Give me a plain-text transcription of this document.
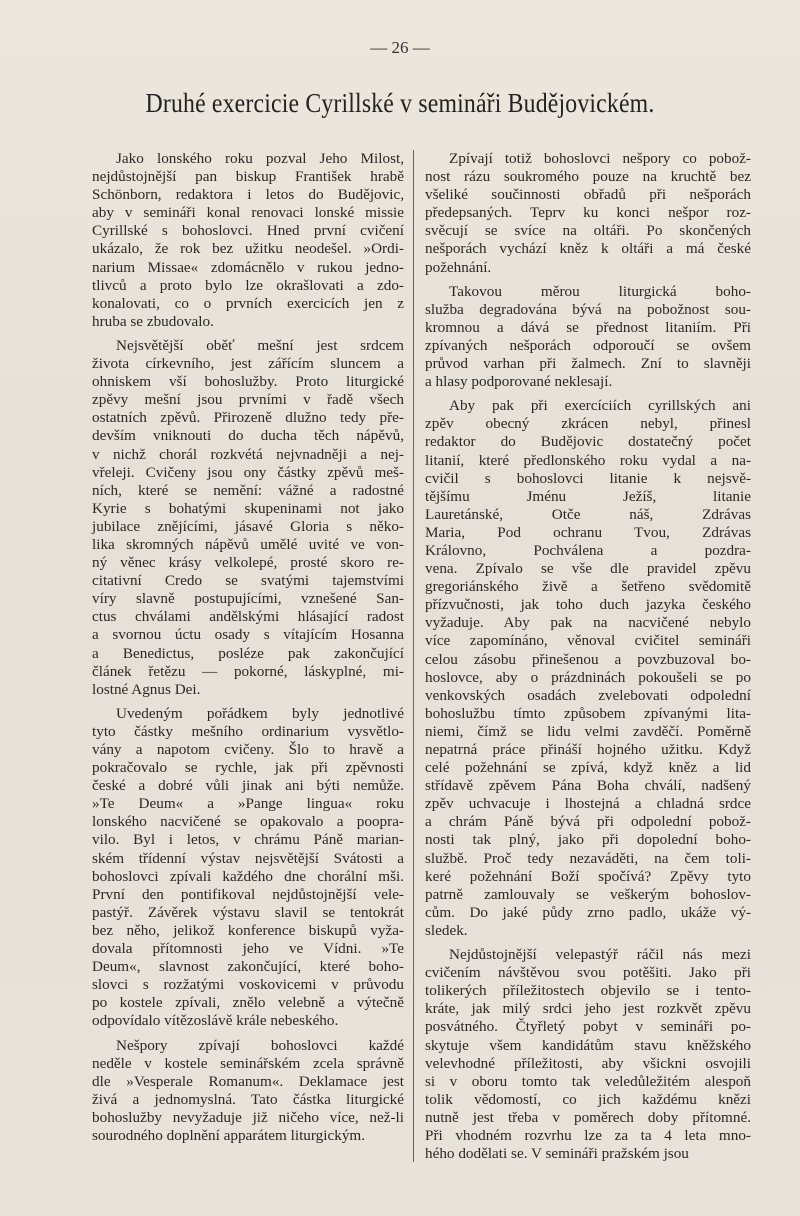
— 26 —
Druhé exercicie Cyrillské v semináři Budějovickém.
Jako lonského roku pozval Jeho Milost,
nejdůstojnější pan biskup František hrabě
Schönborn, redaktora i letos do Budějovic,
aby v semináři konal renovaci lonské missie
Cyrillské s bohoslovci. Hned první cvičení
ukázalo, že rok bez užitku neodešel. »Ordi-
narium Missae« zdomácnělo v rukou jedno-
tlivců a proto bylo lze okrašlovati a zdo-
konalovati, co o prvních exercicích jen z
hruba se zbudovalo.
Nejsvětější oběť mešní jest srdcem
života církevního, jest zářícím sluncem a
ohniskem vší bohoslužby. Proto liturgické
zpěvy mešní jsou prvními v řadě všech
ostatních zpěvů. Přirozeně dlužno tedy pře-
devším vniknouti do ducha těch nápěvů,
v nichž chorál rozkvétá nejvnadněji a nej-
vřeleji. Cvičeny jsou ony částky zpěvů meš-
ních, které se nemění: vážné a radostné
Kyrie s bohatými skupeninami not jako
jubilace znějícími, jásavé Gloria s něko-
lika skromných nápěvů umělé uvité ve von-
ný věnec krásy velkolepé, prosté skoro re-
citativní Credo se svatými tajemstvími
víry slavně postupujícími, vznešené San-
ctus chválami andělskými hlásající radost
a svornou úctu osady s vítajícím Hosanna
a Benedictus, posléze pak zakončující
článek řetězu — pokorné, láskyplné, mi-
lostné Agnus Dei.
Uvedeným pořádkem byly jednotlivé
tyto částky mešního ordinarium vysvětlo-
vány a napotom cvičeny. Šlo to hravě a
pokračovalo se rychle, jak při zpěvnosti
české a dobré vůli jinak ani býti nemůže.
»Te Deum« a »Pange lingua« roku
lonského nacvičené se opakovalo a poopra-
vilo. Byl i letos, v chrámu Páně marian-
ském třídenní výstav nejsvětější Svátosti a
bohoslovci zpívali každého dne chorální mši.
První den pontifikoval nejdůstojnější vele-
pastýř. Závěrek výstavu slavil se tentokrát
bez něho, jelikož konference biskupů vyža-
dovala přítomnosti jeho ve Vídni. »Te
Deum«, slavnost zakončující, které boho-
slovci s rozžatými voskovicemi v průvodu
po kostele zpívali, znělo velebně a výtečně
odpovídalo vítězoslávě krále nebeského.
Nešpory zpívají bohoslovci každé
neděle v kostele seminářském zcela správně
dle »Vesperale Romanum«. Deklamace jest
živá a jednomyslná. Tato částka liturgické
bohoslužby nevyžaduje již ničeho více, než-li
sourodného doplnění apparátem liturgickým.
Zpívají totiž bohoslovci nešpory co pobož-
nost rázu soukromého pouze na kruchtě bez
všeliké součinnosti obřadů při nešporách
předepsaných. Teprv ku konci nešpor roz-
svěcují se svíce na oltáři. Po skončených
nešporách vychází kněz k oltáři a má české
požehnání.
Takovou měrou liturgická boho-
služba degradována bývá na pobožnost sou-
kromnou a dává se přednost litaniím. Při
zpívaných nešporách odporoučí se ovšem
průvod varhan při žalmech. Zní to slavněji
a hlasy podporované neklesají.
Aby pak při exercíciích cyrillských ani
zpěv obecný zkrácen nebyl, přinesl
redaktor do Budějovic dostatečný počet
litanií, které předlonského roku vydal a na-
cvičil s bohoslovci litanie k nejsvě-
tějšímu Jménu Ježíš, litanie
Lauretánské, Otče náš, Zdrávas
Maria, Pod ochranu Tvou, Zdrávas
Královno, Pochválena a pozdra-
vena. Zpívalo se vše dle pravidel zpěvu
gregoriánského živě a šetřeno svědomitě
přízvučnosti, jak toho duch jazyka českého
vyžaduje. Aby pak na nacvičené nebylo
více zapomínáno, věnoval cvičitel semináři
celou zásobu přinešenou a povzbuzoval bo-
hoslovce, aby o prázdninách pokoušeli se po
venkovských osadách zvelebovati odpolední
bohoslužbu tímto způsobem zpívanými lita-
niemi, čímž se lidu velmi zavděčí. Poměrně
nepatrná práce přináší hojného užitku. Když
celé požehnání se zpívá, když kněz a lid
střídavě zpěvem Pána Boha chválí, nadšený
zpěv uchvacuje i lhostejná a chladná srdce
a chrám Páně bývá při odpolední pobož-
nosti tak plný, jako při dopolední boho-
službě. Proč tedy nezaváděti, na čem toli-
keré požehnání Boží spočívá? Zpěvy tyto
patrně zamlouvaly se veškerým bohoslov-
cům. Do jaké půdy zrno padlo, ukáže vý-
sledek.
Nejdůstojnější velepastýř ráčil nás mezi
cvičením návštěvou svou potěšiti. Jako při
tolikerých příležitostech objevilo se i tento-
kráte, jak milý srdci jeho jest rozkvět zpěvu
posvátného. Čtyřletý pobyt v semináři po-
skytuje všem kandidátům stavu kněžského
velevhodné příležitosti, aby všickni osvojili
si v oboru tomto tak veledůležitém alespoň
tolik vědomostí, co jich každému knězi
nutně jest třeba v poměrech doby přítomné.
Při vhodném rozvrhu lze za ta 4 leta mno-
hého dodělati se. V semináři pražském jsou
